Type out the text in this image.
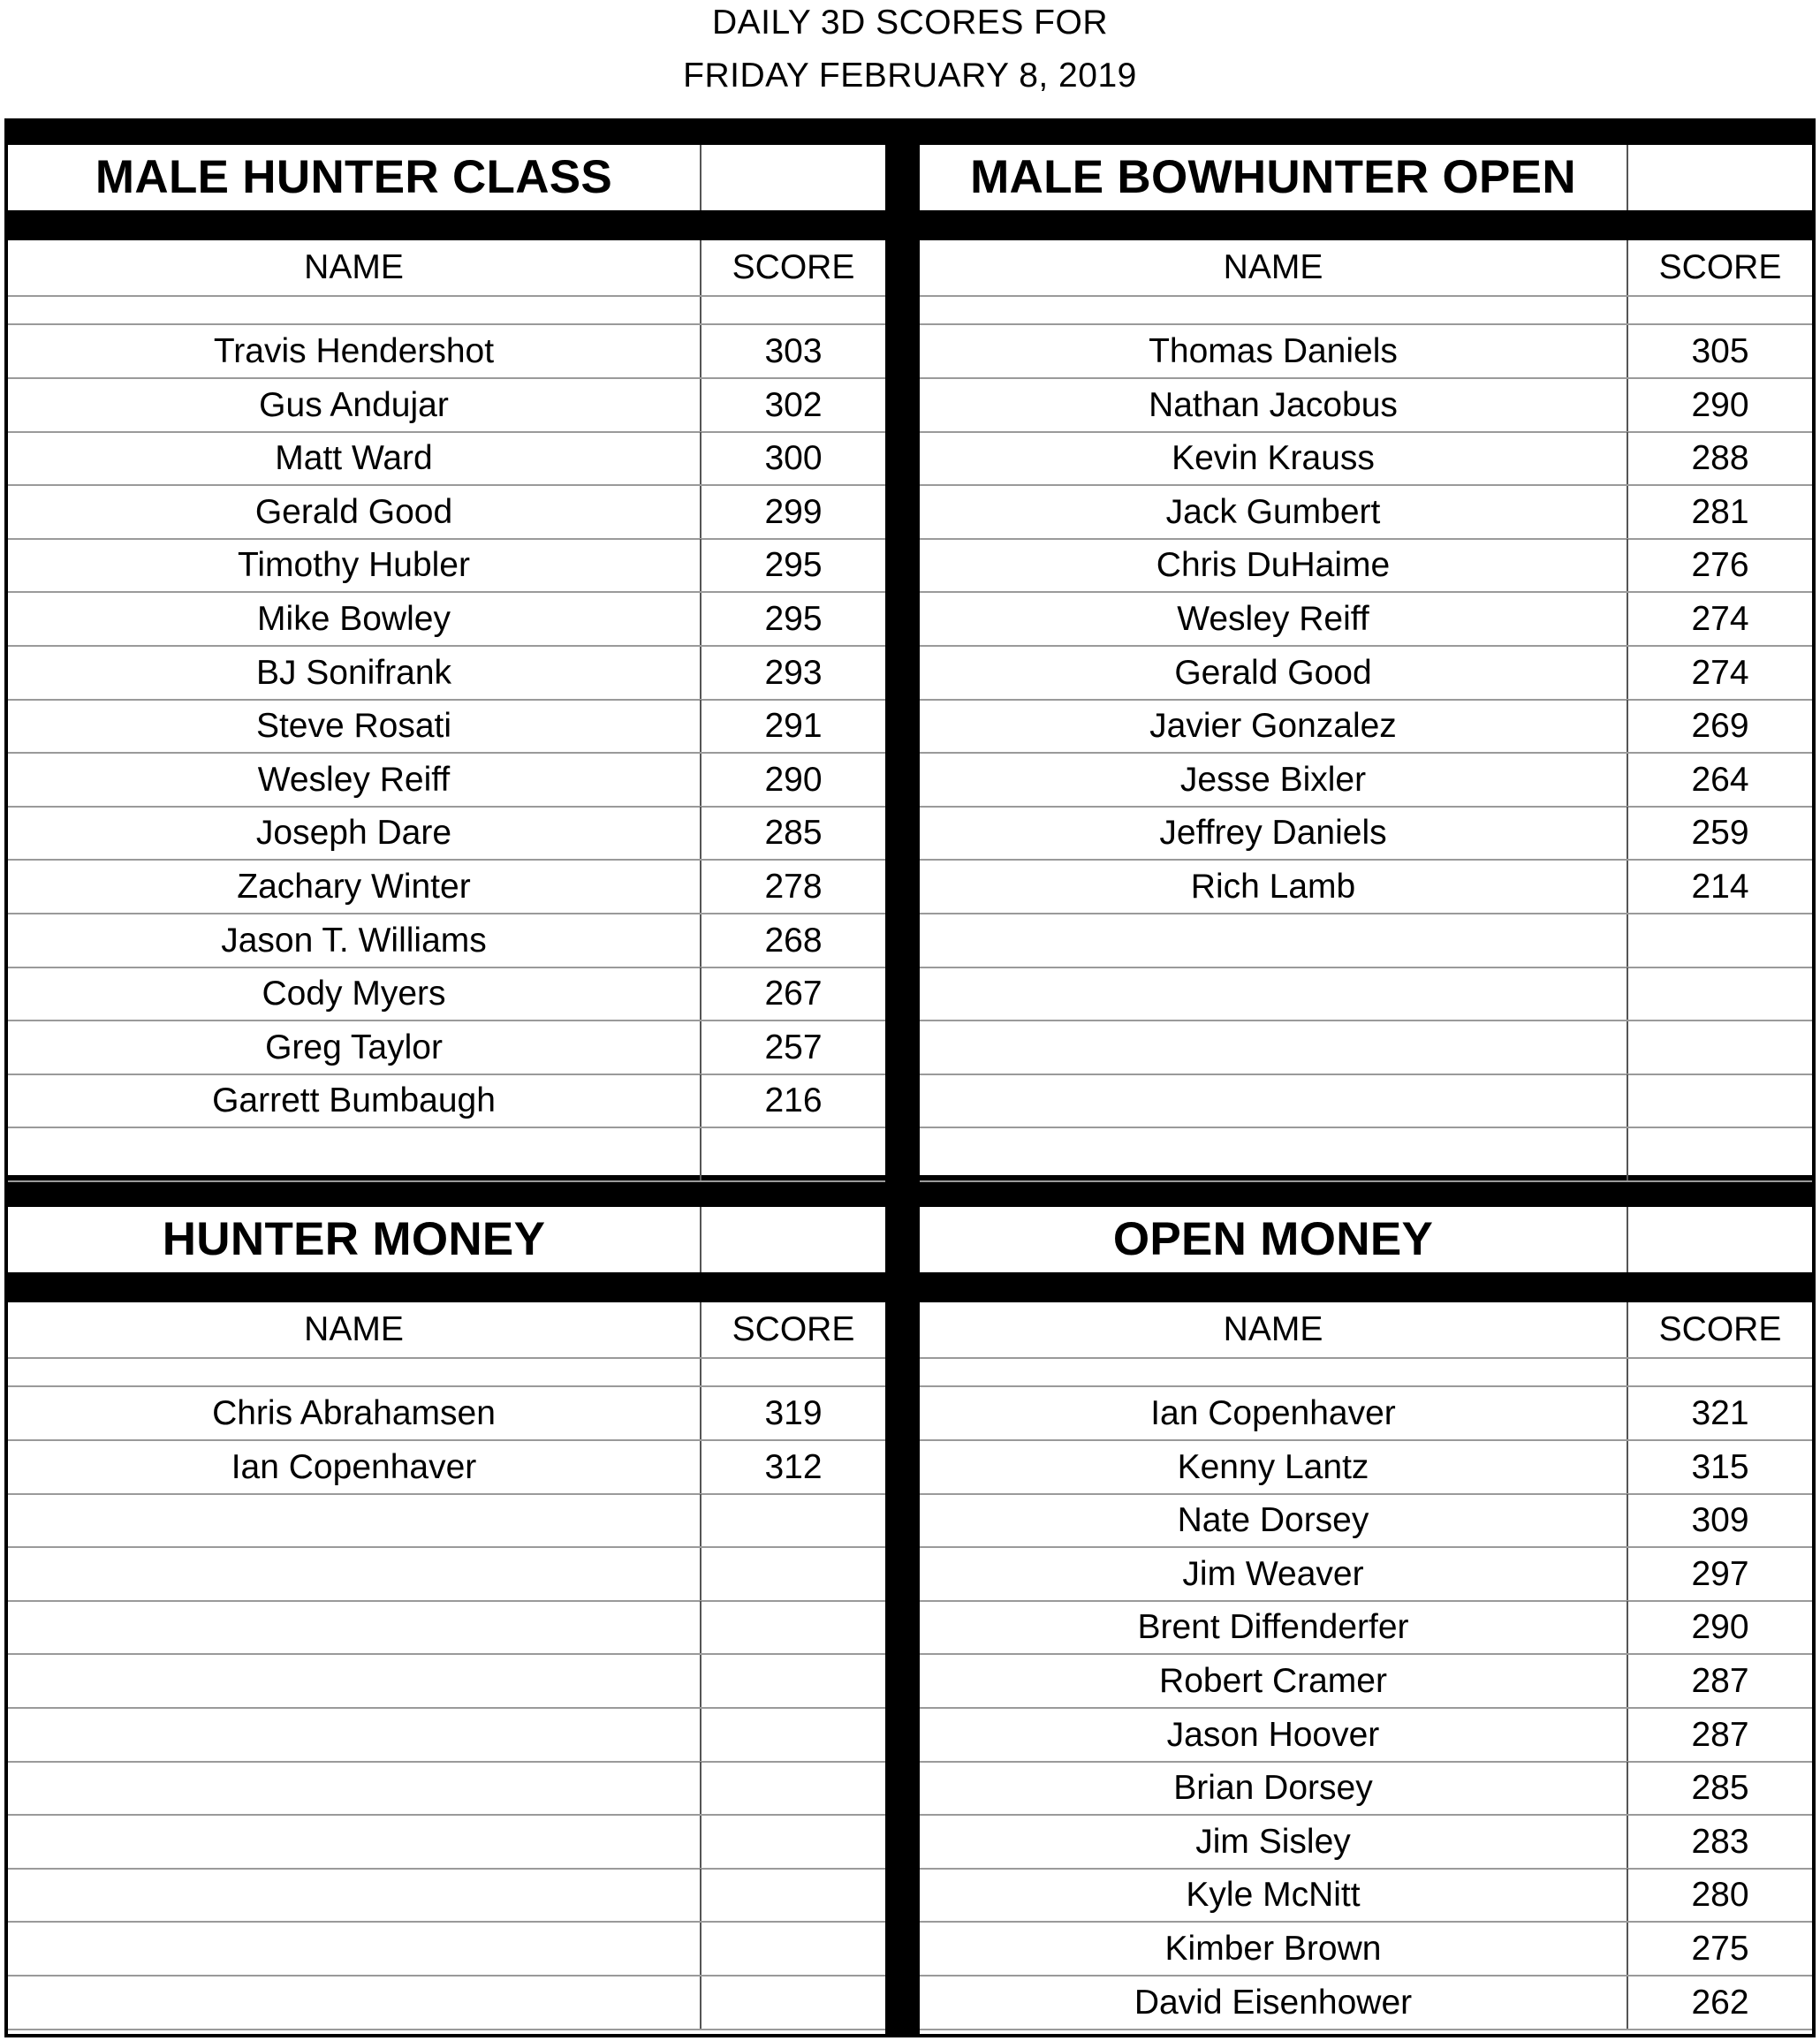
DAILY 3D SCORES FOR
FRIDAY FEBRUARY 8, 2019
MALE HUNTER CLASS
NAME	SCORE
Travis Hendershot	303
Gus Andujar	302
Matt Ward	300
Gerald Good	299
Timothy Hubler	295
Mike Bowley	295
BJ Sonifrank	293
Steve Rosati	291
Wesley Reiff	290
Joseph Dare	285
Zachary Winter	278
Jason T. Williams	268
Cody Myers	267
Greg Taylor	257
Garrett Bumbaugh	216
MALE BOWHUNTER OPEN
NAME	SCORE
Thomas Daniels	305
Nathan Jacobus	290
Kevin Krauss	288
Jack Gumbert	281
Chris DuHaime	276
Wesley Reiff	274
Gerald Good	274
Javier Gonzalez	269
Jesse Bixler	264
Jeffrey Daniels	259
Rich Lamb	214
HUNTER MONEY
NAME	SCORE
Chris Abrahamsen	319
Ian Copenhaver	312
OPEN MONEY
NAME	SCORE
Ian Copenhaver	321
Kenny Lantz	315
Nate Dorsey	309
Jim Weaver	297
Brent Diffenderfer	290
Robert Cramer	287
Jason Hoover	287
Brian Dorsey	285
Jim Sisley	283
Kyle McNitt	280
Kimber Brown	275
David Eisenhower	262
